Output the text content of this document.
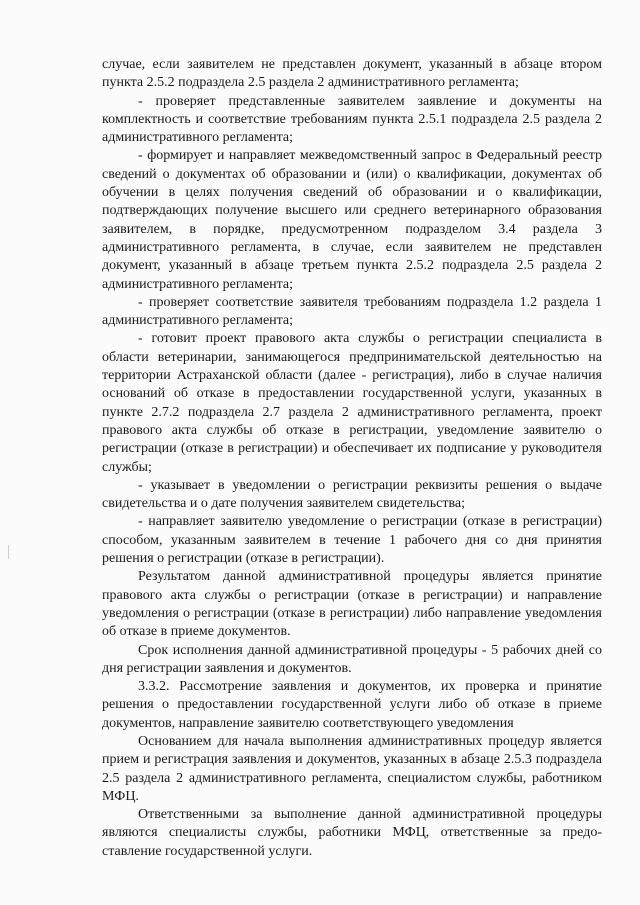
случае, если заявителем не представлен документ, указанный в абзаце втором пункта 2.5.2 подраздела 2.5 раздела 2 административного регламента;

- проверяет представленные заявителем заявление и документы на комплектность и соответствие требованиям пункта 2.5.1 подраздела 2.5 раздела 2 административного регламента;

- формирует и направляет межведомственный запрос в Федеральный реестр сведений о документах об образовании и (или) о квалификации, документах об обучении в целях получения сведений об образовании и о квалификации, подтверждающих получение высшего или среднего ветеринарного образования заявителем, в порядке, предусмотренном подразделом 3.4 раздела 3 административного регламента, в случае, если заявителем не представлен документ, указанный в абзаце третьем пункта 2.5.2 подраздела 2.5 раздела 2 административного регламента;

- проверяет соответствие заявителя требованиям подраздела 1.2 раздела 1 административного регламента;

- готовит проект правового акта службы о регистрации специалиста в области ветеринарии, занимающегося предпринимательской деятельностью на территории Астраханской области (далее - регистрация), либо в случае наличия оснований об отказе в предоставлении государственной услуги, указанных в пункте 2.7.2 подраздела 2.7 раздела 2 административного регламента, проект правового акта службы об отказе в регистрации, уведомление заявителю о регистрации (отказе в регистрации) и обеспечивает их подписание у руководителя службы;

- указывает в уведомлении о регистрации реквизиты решения о выдаче свидетельства и о дате получения заявителем свидетельства;

- направляет заявителю уведомление о регистрации (отказе в регистрации) способом, указанным заявителем в течение 1 рабочего дня со дня принятия решения о регистрации (отказе в регистрации).

Результатом данной административной процедуры является принятие правового акта службы о регистрации (отказе в регистрации) и направление уведомления о регистрации (отказе в регистрации) либо направление уведомления об отказе в приеме документов.

Срок исполнения данной административной процедуры - 5 рабочих дней со дня регистрации заявления и документов.

3.3.2. Рассмотрение заявления и документов, их проверка и принятие решения о предоставлении государственной услуги либо об отказе в приеме документов, направление заявителю соответствующего уведомления

Основанием для начала выполнения административных процедур является прием и регистрация заявления и документов, указанных в абзаце 2.5.3 подраздела 2.5 раздела 2 административного регламента, специалистом службы, работником МФЦ.

Ответственными за выполнение данной административной процедуры являются специалисты службы, работники МФЦ, ответственные за предоставление государственной услуги.
